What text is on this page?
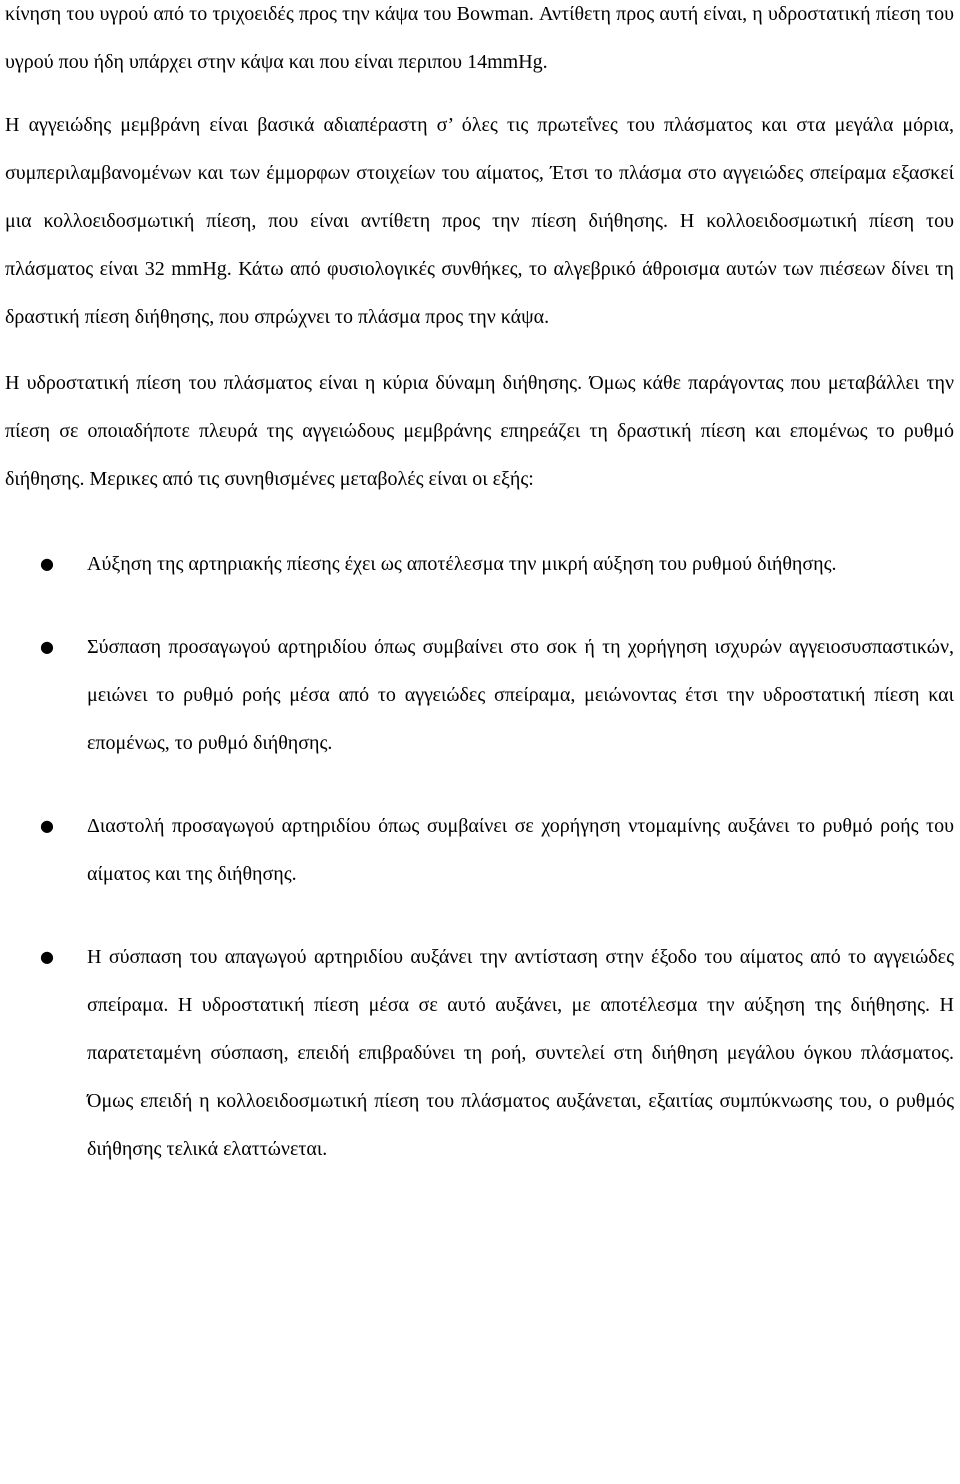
κίνηση του υγρού από το τριχοειδές προς την κάψα του Bowman. Αντίθετη προς αυτή είναι, η υδροστατική πίεση του υγρού που ήδη υπάρχει στην κάψα και που είναι περιπου 14mmHg.

Η αγγειώδης μεμβράνη είναι βασικά αδιαπέραστη σ’ όλες τις πρωτεΐνες του πλάσματος και στα μεγάλα μόρια, συμπεριλαμβανομένων και των έμμορφων στοιχείων του αίματος, Έτσι το πλάσμα στο αγγειώδες σπείραμα εξασκεί μια κολλοειδοσμωτική πίεση, που είναι αντίθετη προς την πίεση διήθησης. Η κολλοειδοσμωτική πίεση του πλάσματος είναι 32 mmHg. Κάτω από φυσιολογικές συνθήκες, το αλγεβρικό άθροισμα αυτών των πιέσεων δίνει τη δραστική πίεση διήθησης, που σπρώχνει το πλάσμα προς την κάψα.

Η υδροστατική πίεση του πλάσματος είναι η κύρια δύναμη διήθησης. Όμως κάθε παράγοντας που μεταβάλλει την πίεση σε οποιαδήποτε πλευρά της αγγειώδους μεμβράνης επηρεάζει τη δραστική πίεση και επομένως το ρυθμό διήθησης. Μερικες από τις συνηθισμένες μεταβολές είναι οι εξής:

● Αύξηση της αρτηριακής πίεσης έχει ως αποτέλεσμα την μικρή αύξηση του ρυθμού διήθησης.
● Σύσπαση προσαγωγού αρτηριδίου όπως συμβαίνει στο σοκ ή τη χορήγηση ισχυρών αγγειοσυσπαστικών, μειώνει το ρυθμό ροής μέσα από το αγγειώδες σπείραμα, μειώνοντας έτσι την υδροστατική πίεση και επομένως, το ρυθμό διήθησης.
● Διαστολή προσαγωγού αρτηριδίου όπως συμβαίνει σε χορήγηση ντομαμίνης αυξάνει το ρυθμό ροής του αίματος και της διήθησης.
● Η σύσπαση του απαγωγού αρτηριδίου αυξάνει την αντίσταση στην έξοδο του αίματος από το αγγειώδες σπείραμα. Η υδροστατική πίεση μέσα σε αυτό αυξάνει, με αποτέλεσμα την αύξηση της διήθησης. Η παρατεταμένη σύσπαση, επειδή επιβραδύνει τη ροή, συντελεί στη διήθηση μεγάλου όγκου πλάσματος. Όμως επειδή η κολλοειδοσμωτική πίεση του πλάσματος αυξάνεται, εξαιτίας συμπύκνωσης του, ο ρυθμός διήθησης τελικά ελαττώνεται.
